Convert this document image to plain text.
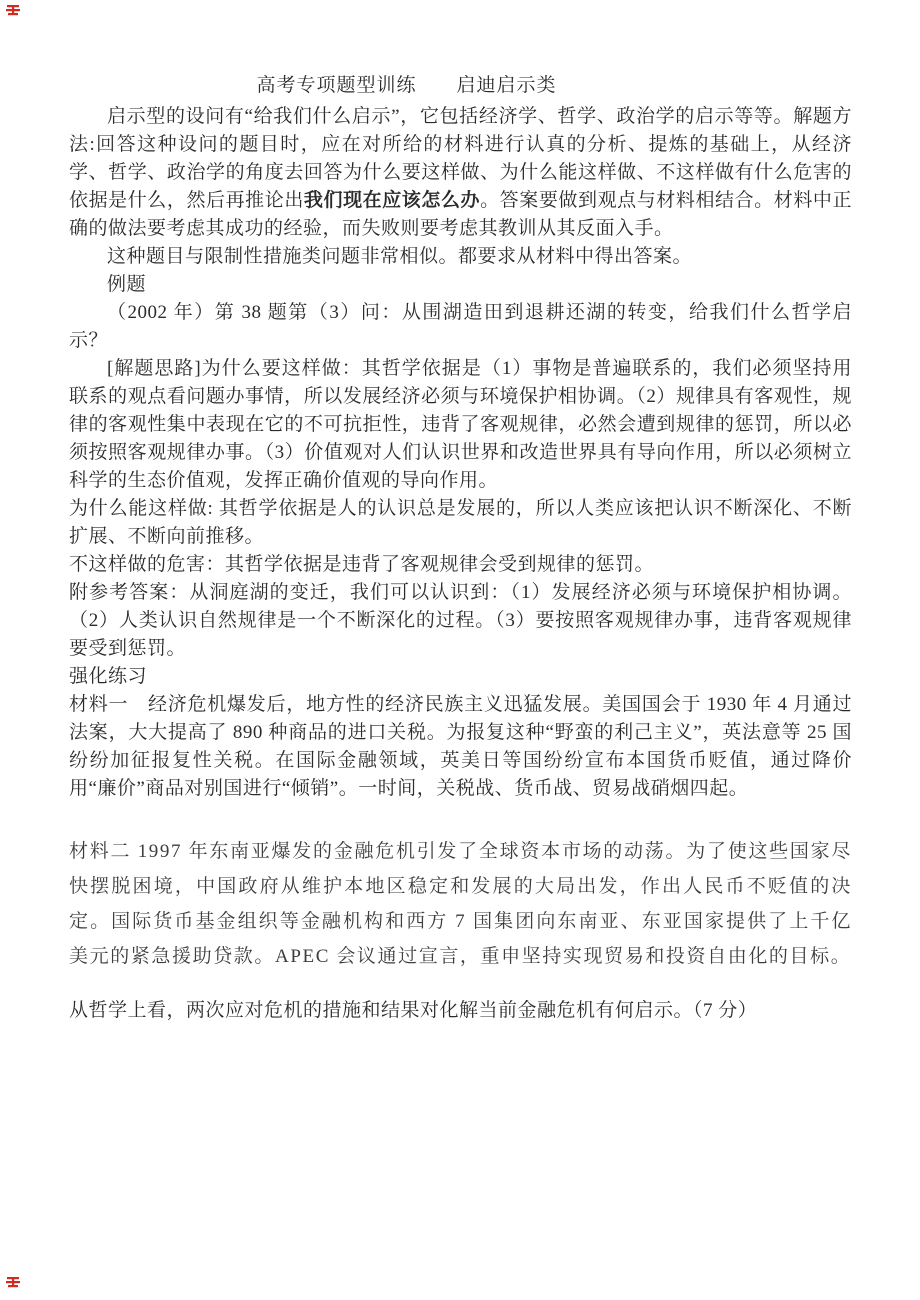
高考专项题型训练 启迪启示类

启示型的设问有“给我们什么启示”，它包括经济学、哲学、政治学的启示等等。解题方法:回答这种设问的题目时，应在对所给的材料进行认真的分析、提炼的基础上，从经济学、哲学、政治学的角度去回答为什么要这样做、为什么能这样做、不这样做有什么危害的依据是什么，然后再推论出我们现在应该怎么办。答案要做到观点与材料相结合。材料中正确的做法要考虑其成功的经验，而失败则要考虑其教训从其反面入手。

这种题目与限制性措施类问题非常相似。都要求从材料中得出答案。

例题

（2002 年）第 38 题第（3）问：从围湖造田到退耕还湖的转变，给我们什么哲学启示？

[解题思路]为什么要这样做：其哲学依据是（1）事物是普遍联系的，我们必须坚持用联系的观点看问题办事情，所以发展经济必须与环境保护相协调。（2）规律具有客观性，规律的客观性集中表现在它的不可抗拒性，违背了客观规律，必然会遭到规律的惩罚，所以必须按照客观规律办事。（3）价值观对人们认识世界和改造世界具有导向作用，所以必须树立科学的生态价值观，发挥正确价值观的导向作用。

为什么能这样做: 其哲学依据是人的认识总是发展的，所以人类应该把认识不断深化、不断扩展、不断向前推移。

不这样做的危害：其哲学依据是违背了客观规律会受到规律的惩罚。

附参考答案：从洞庭湖的变迁，我们可以认识到：（1）发展经济必须与环境保护相协调。（2）人类认识自然规律是一个不断深化的过程。（3）要按照客观规律办事，违背客观规律要受到惩罚。

强化练习

材料一　经济危机爆发后，地方性的经济民族主义迅猛发展。美国国会于 1930 年 4 月通过法案，大大提高了 890 种商品的进口关税。为报复这种“野蛮的利己主义”，英法意等 25 国纷纷加征报复性关税。在国际金融领域，英美日等国纷纷宣布本国货币贬值，通过降价用“廉价”商品对别国进行“倾销”。一时间，关税战、货币战、贸易战硝烟四起。

材料二 1997 年东南亚爆发的金融危机引发了全球资本市场的动荡。为了使这些国家尽快摆脱困境，中国政府从维护本地区稳定和发展的大局出发，作出人民币不贬值的决定。国际货币基金组织等金融机构和西方 7 国集团向东南亚、东亚国家提供了上千亿美元的紧急援助贷款。APEC 会议通过宣言，重申坚持实现贸易和投资自由化的目标。

从哲学上看，两次应对危机的措施和结果对化解当前金融危机有何启示。（7 分）
